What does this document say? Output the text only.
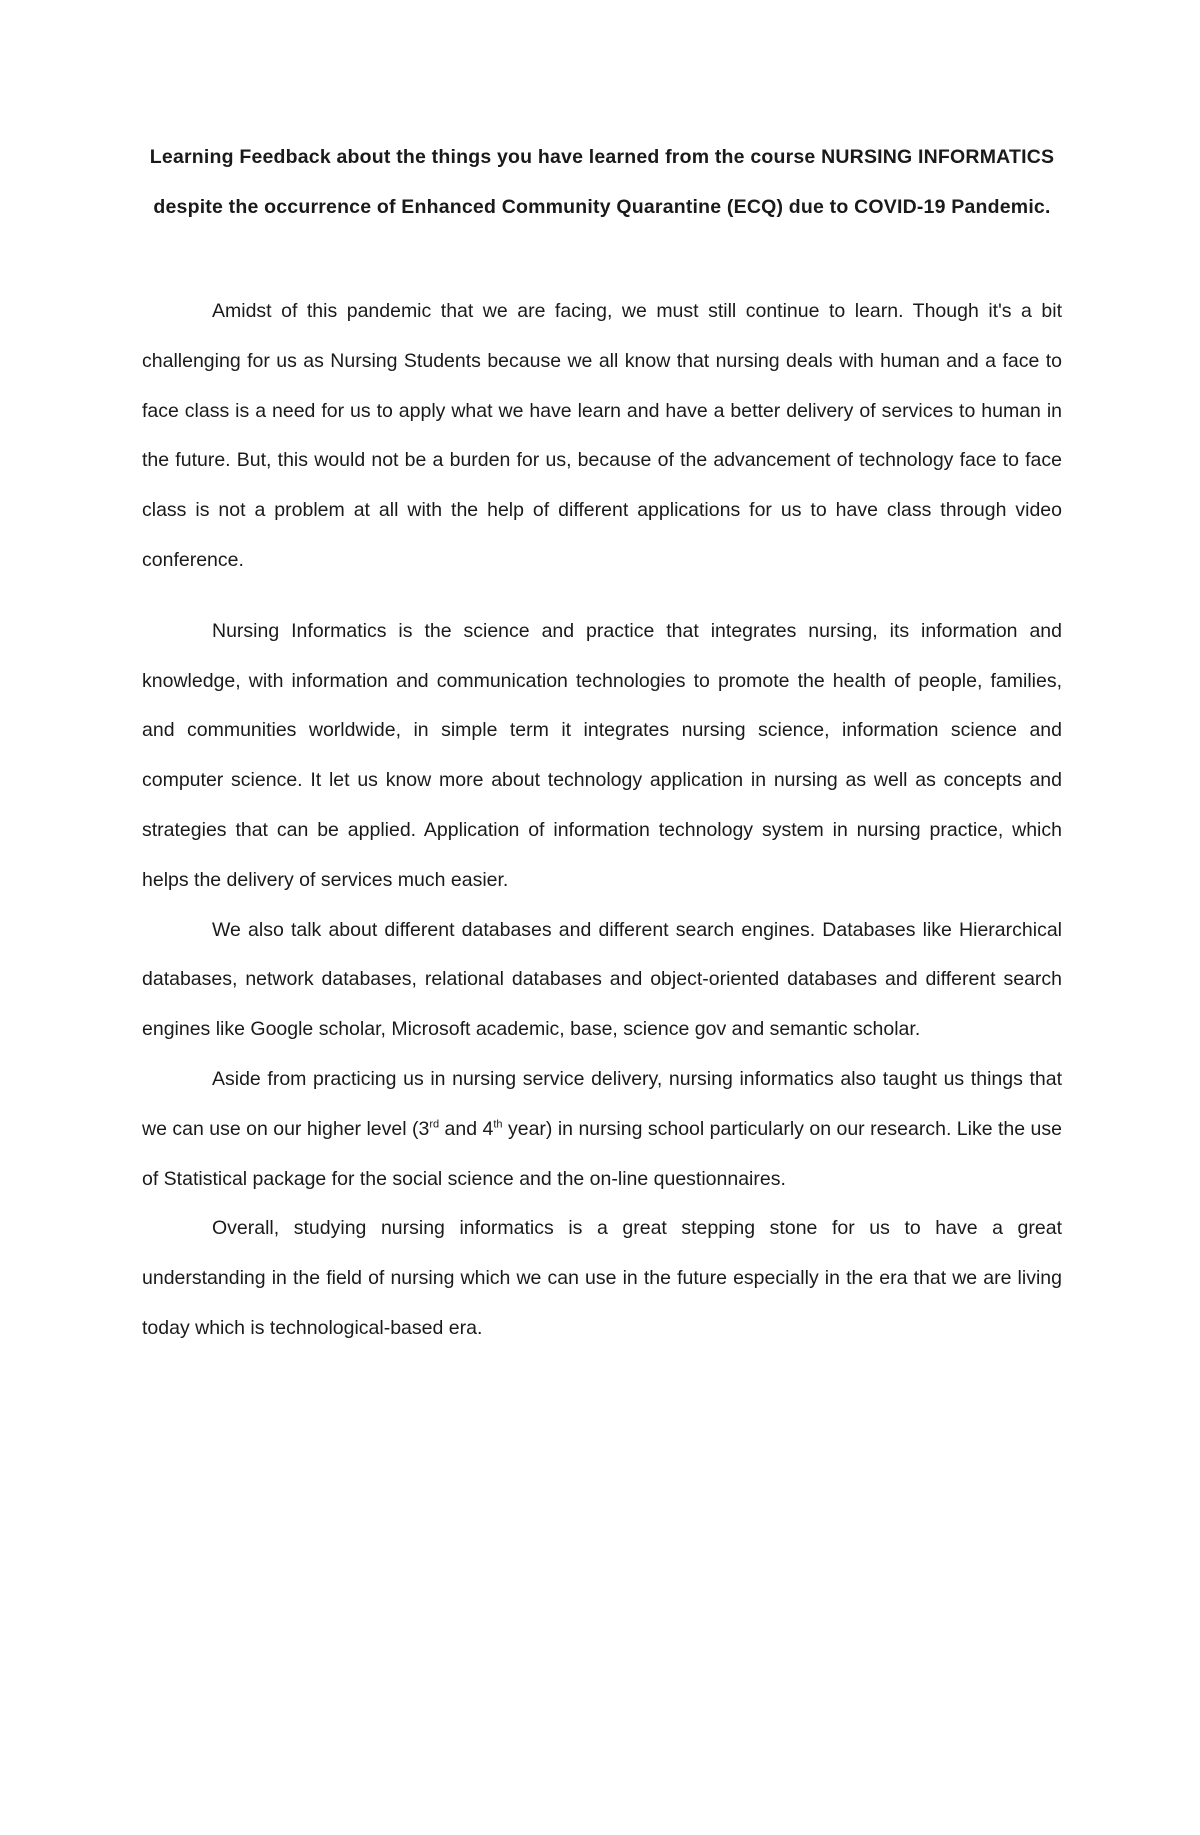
Learning Feedback about the things you have learned from the course NURSING INFORMATICS despite the occurrence of Enhanced Community Quarantine (ECQ) due to COVID-19 Pandemic.

Amidst of this pandemic that we are facing, we must still continue to learn. Though it's a bit challenging for us as Nursing Students because we all know that nursing deals with human and a face to face class is a need for us to apply what we have learn and have a better delivery of services to human in the future. But, this would not be a burden for us, because of the advancement of technology face to face class is not a problem at all with the help of different applications for us to have class through video conference.

Nursing Informatics is the science and practice that integrates nursing, its information and knowledge, with information and communication technologies to promote the health of people, families, and communities worldwide, in simple term it integrates nursing science, information science and computer science. It let us know more about technology application in nursing as well as concepts and strategies that can be applied. Application of information technology system in nursing practice, which helps the delivery of services much easier.

We also talk about different databases and different search engines. Databases like Hierarchical databases, network databases, relational databases and object-oriented databases and different search engines like Google scholar, Microsoft academic, base, science gov and semantic scholar.

Aside from practicing us in nursing service delivery, nursing informatics also taught us things that we can use on our higher level (3rd and 4th year) in nursing school particularly on our research. Like the use of Statistical package for the social science and the on-line questionnaires.

Overall, studying nursing informatics is a great stepping stone for us to have a great understanding in the field of nursing which we can use in the future especially in the era that we are living today which is technological-based era.
